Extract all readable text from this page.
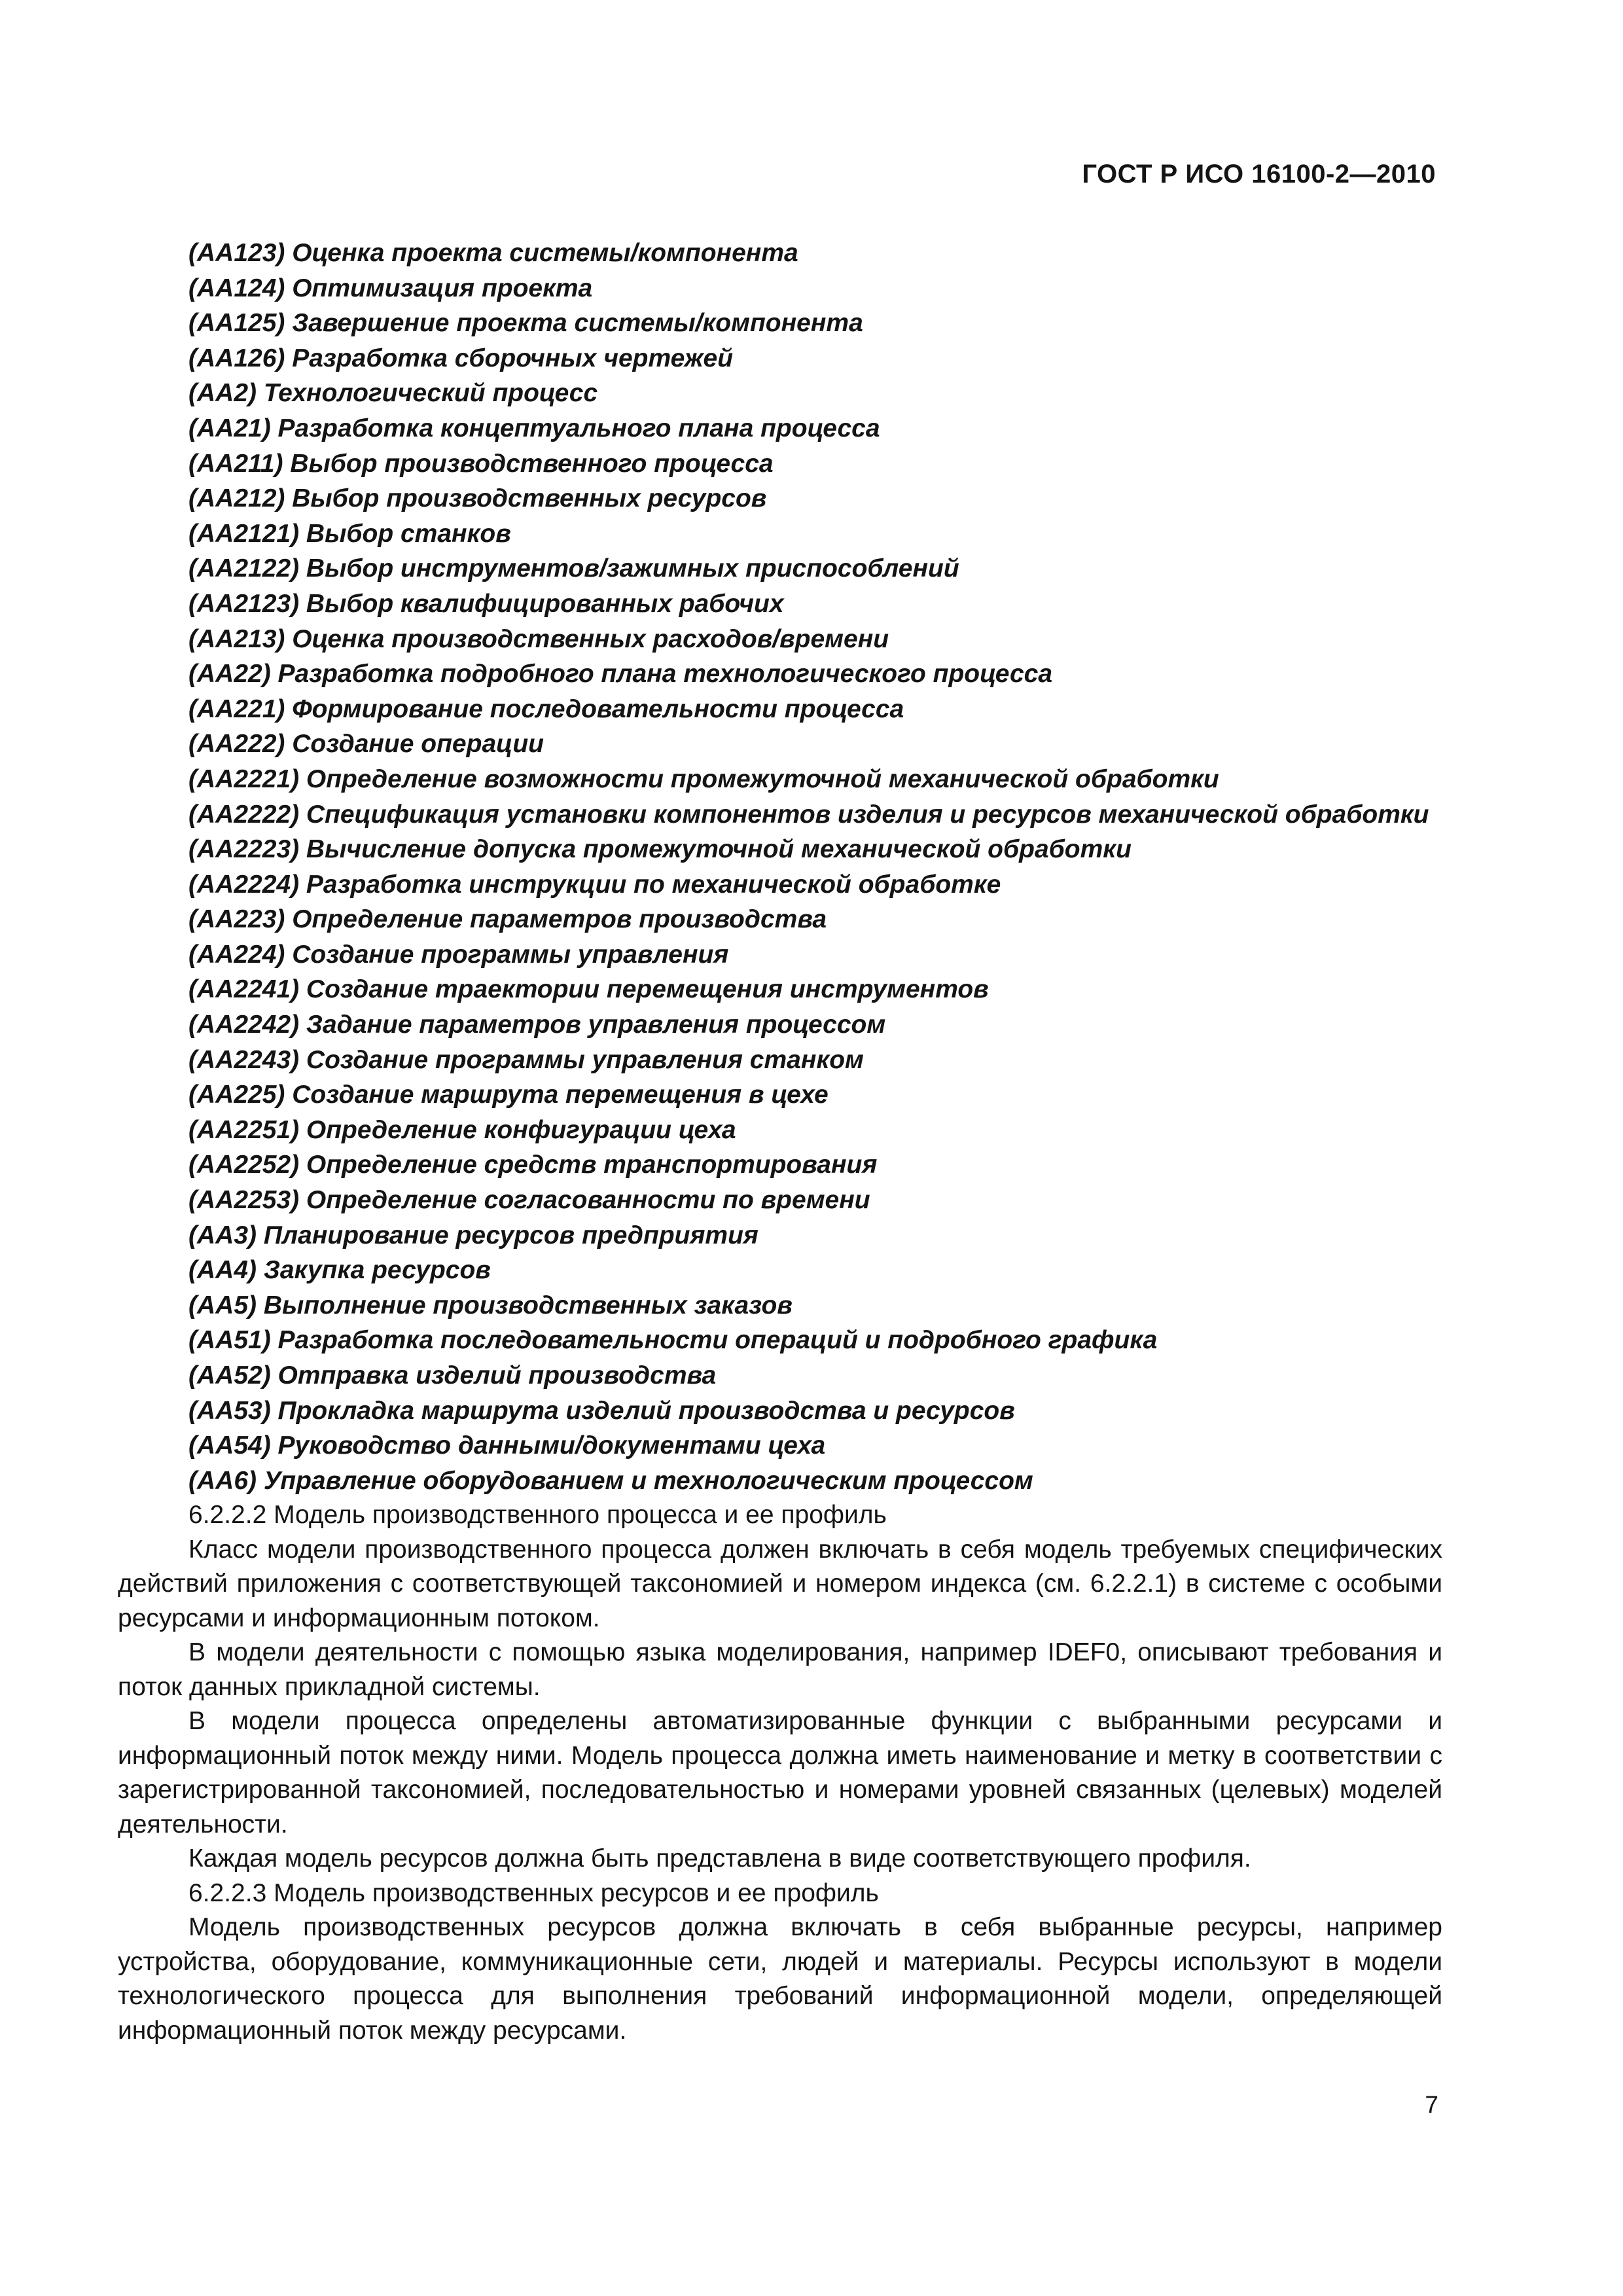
ГОСТ Р ИСО 16100-2—2010

(AA123) Оценка проекта системы/компонента

(AA124) Оптимизация проекта

(AA125) Завершение проекта системы/компонента

(AA126) Разработка сборочных чертежей

(AA2) Технологический процесс

(AA21) Разработка концептуального плана процесса

(AA211) Выбор производственного процесса

(AA212) Выбор производственных ресурсов

(AA2121) Выбор станков

(AA2122) Выбор инструментов/зажимных приспособлений

(AA2123) Выбор квалифицированных рабочих

(AA213) Оценка производственных расходов/времени

(AA22) Разработка подробного плана технологического процесса

(AA221) Формирование последовательности процесса

(AA222) Создание операции

(AA2221) Определение возможности промежуточной механической обработки

(AA2222) Спецификация установки компонентов изделия и ресурсов механической обработки

(AA2223) Вычисление допуска промежуточной механической обработки

(AA2224) Разработка инструкции по механической обработке

(AA223) Определение параметров производства

(AA224) Создание программы управления

(AA2241) Создание траектории перемещения инструментов

(AA2242) Задание параметров управления процессом

(AA2243) Создание программы управления станком

(AA225) Создание маршрута перемещения в цехе

(AA2251) Определение конфигурации цеха

(AA2252) Определение средств транспортирования

(AA2253) Определение согласованности по времени

(AA3) Планирование ресурсов предприятия

(AA4) Закупка ресурсов

(AA5) Выполнение производственных заказов

(AA51) Разработка последовательности операций и подробного графика

(AA52) Отправка изделий производства

(AA53) Прокладка маршрута изделий производства и ресурсов

(AA54) Руководство данными/документами цеха

(AA6) Управление оборудованием и технологическим процессом

6.2.2.2 Модель производственного процесса и ее профиль

Класс модели производственного процесса должен включать в себя модель требуемых специфических действий приложения с соответствующей таксономией и номером индекса (см. 6.2.2.1) в системе с особыми ресурсами и информационным потоком.

В модели деятельности с помощью языка моделирования, например IDEF0, описывают требования и поток данных прикладной системы.

В модели процесса определены автоматизированные функции с выбранными ресурсами и информационный поток между ними. Модель процесса должна иметь наименование и метку в соответствии с зарегистрированной таксономией, последовательностью и номерами уровней связанных (целевых) моделей деятельности.

Каждая модель ресурсов должна быть представлена в виде соответствующего профиля.

6.2.2.3 Модель производственных ресурсов и ее профиль

Модель производственных ресурсов должна включать в себя выбранные ресурсы, например устройства, оборудование, коммуникационные сети, людей и материалы. Ресурсы используют в модели технологического процесса для выполнения требований информационной модели, определяющей информационный поток между ресурсами.

7
